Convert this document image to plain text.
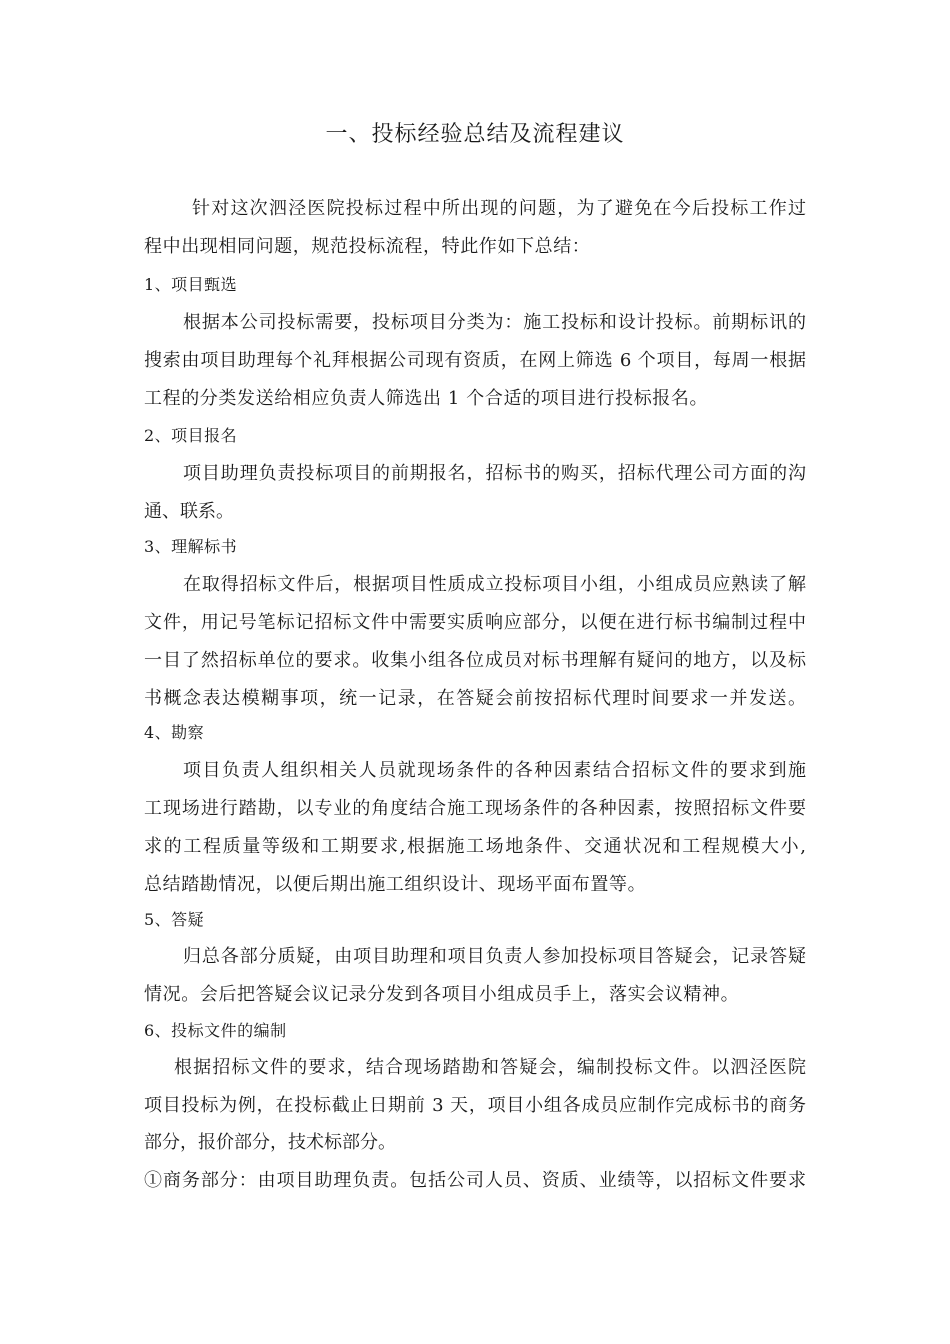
一、投标经验总结及流程建议
针对这次泗泾医院投标过程中所出现的问题，为了避免在今后投标工作过
程中出现相同问题，规范投标流程，特此作如下总结：
1、项目甄选
根据本公司投标需要，投标项目分类为：施工投标和设计投标。前期标讯的
搜索由项目助理每个礼拜根据公司现有资质，在网上筛选 6 个项目，每周一根据
工程的分类发送给相应负责人筛选出 1 个合适的项目进行投标报名。
2、项目报名
项目助理负责投标项目的前期报名，招标书的购买，招标代理公司方面的沟
通、联系。
3、理解标书
在取得招标文件后，根据项目性质成立投标项目小组，小组成员应熟读了解
文件，用记号笔标记招标文件中需要实质响应部分，以便在进行标书编制过程中
一目了然招标单位的要求。收集小组各位成员对标书理解有疑问的地方，以及标
书概念表达模糊事项，统一记录，在答疑会前按招标代理时间要求一并发送。
4、勘察
项目负责人组织相关人员就现场条件的各种因素结合招标文件的要求到施
工现场进行踏勘，以专业的角度结合施工现场条件的各种因素，按照招标文件要
求的工程质量等级和工期要求,根据施工场地条件、交通状况和工程规模大小,
总结踏勘情况，以便后期出施工组织设计、现场平面布置等。
5、答疑
归总各部分质疑，由项目助理和项目负责人参加投标项目答疑会，记录答疑
情况。会后把答疑会议记录分发到各项目小组成员手上，落实会议精神。
6、投标文件的编制
根据招标文件的要求，结合现场踏勘和答疑会，编制投标文件。以泗泾医院
项目投标为例，在投标截止日期前 3 天，项目小组各成员应制作完成标书的商务
部分，报价部分，技术标部分。
①商务部分：由项目助理负责。包括公司人员、资质、业绩等，以招标文件要求
